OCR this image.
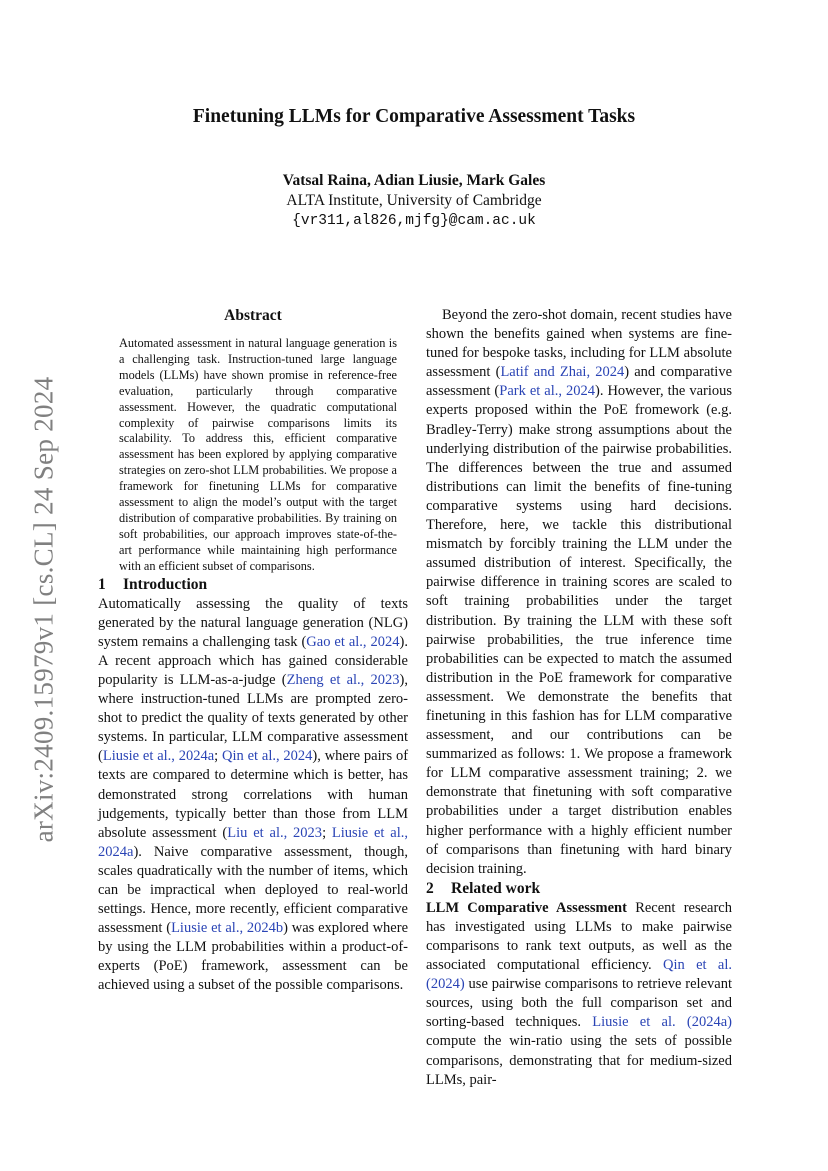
arXiv:2409.15979v1 [cs.CL] 24 Sep 2024
Finetuning LLMs for Comparative Assessment Tasks
Vatsal Raina, Adian Liusie, Mark Gales
ALTA Institute, University of Cambridge
{vr311,al826,mjfg}@cam.ac.uk
Abstract

Automated assessment in natural language generation is a challenging task. Instruction-tuned large language models (LLMs) have shown promise in reference-free evaluation, particularly through comparative assessment. However, the quadratic computational complexity of pairwise comparisons limits its scalability. To address this, efficient comparative assessment has been explored by applying comparative strategies on zero-shot LLM probabilities. We propose a framework for finetuning LLMs for comparative assessment to align the model’s output with the target distribution of comparative probabilities. By training on soft probabilities, our approach improves state-of-the-art performance while maintaining high performance with an efficient subset of comparisons.

1 Introduction

Automatically assessing the quality of texts generated by the natural language generation (NLG) system remains a challenging task (Gao et al., 2024). A recent approach which has gained considerable popularity is LLM-as-a-judge (Zheng et al., 2023), where instruction-tuned LLMs are prompted zero-shot to predict the quality of texts generated by other systems. In particular, LLM comparative assessment (Liusie et al., 2024a; Qin et al., 2024), where pairs of texts are compared to determine which is better, has demonstrated strong correlations with human judgements, typically better than those from LLM absolute assessment (Liu et al., 2023; Liusie et al., 2024a). Naive comparative assessment, though, scales quadratically with the number of items, which can be impractical when deployed to real-world settings. Hence, more recently, efficient comparative assessment (Liusie et al., 2024b) was explored where by using the LLM probabilities within a product-of-experts (PoE) framework, assessment can be achieved using a subset of the possible comparisons.

Beyond the zero-shot domain, recent studies have shown the benefits gained when systems are fine-tuned for bespoke tasks, including for LLM absolute assessment (Latif and Zhai, 2024) and comparative assessment (Park et al., 2024). However, the various experts proposed within the PoE fromework (e.g. Bradley-Terry) make strong assumptions about the underlying distribution of the pairwise probabilities. The differences between the true and assumed distributions can limit the benefits of fine-tuning comparative systems using hard decisions. Therefore, here, we tackle this distributional mismatch by forcibly training the LLM under the assumed distribution of interest. Specifically, the pairwise difference in training scores are scaled to soft training probabilities under the target distribution. By training the LLM with these soft pairwise probabilities, the true inference time probabilities can be expected to match the assumed distribution in the PoE framework for comparative assessment. We demonstrate the benefits that finetuning in this fashion has for LLM comparative assessment, and our contributions can be summarized as follows: 1. We propose a framework for LLM comparative assessment training; 2. we demonstrate that finetuning with soft comparative probabilities under a target distribution enables higher performance with a highly efficient number of comparisons than finetuning with hard binary decision training.

2 Related work

LLM Comparative Assessment Recent research has investigated using LLMs to make pairwise comparisons to rank text outputs, as well as the associated computational efficiency. Qin et al. (2024) use pairwise comparisons to retrieve relevant sources, using both the full comparison set and sorting-based techniques. Liusie et al. (2024a) compute the win-ratio using the sets of possible comparisons, demonstrating that for medium-sized LLMs, pair-
